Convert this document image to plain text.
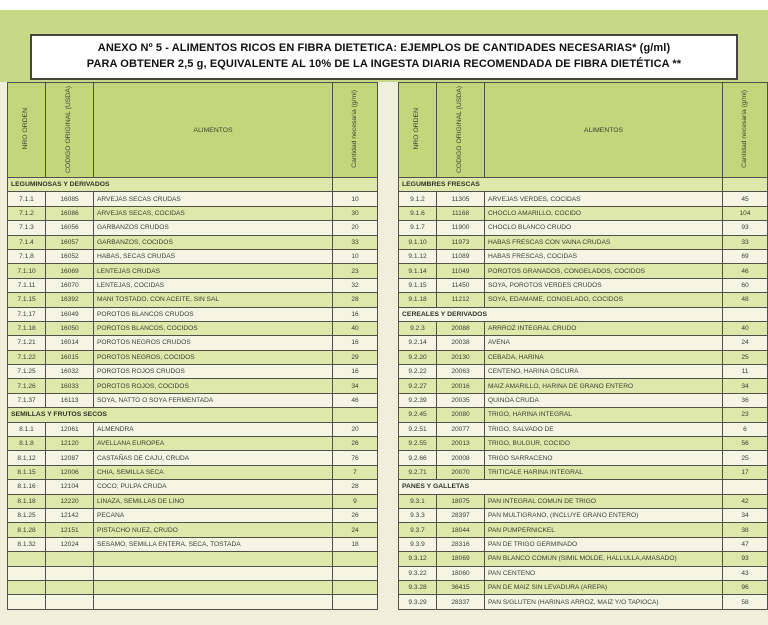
ANEXO Nº 5 - ALIMENTOS RICOS EN FIBRA DIETETICA: EJEMPLOS DE CANTIDADES NECESARIAS* (g/ml)
PARA OBTENER 2,5 g, EQUIVALENTE AL 10% DE LA INGESTA DIARIA RECOMENDADA DE FIBRA DIETÉTICA **
NRO ORDEN	CODIGO ORIGINAL (USDA)	ALIMENTOS	Cantidad necesaria (g/ml)
LEGUMINOSAS Y DERIVADOS			
7.1.1	16085	ARVEJAS SECAS CRUDAS	10
7.1.2	16086	ARVEJAS SECAS, COCIDAS	30
7.1.3	16056	GARBANZOS CRUDOS	20
7.1.4	16057	GARBANZOS, COCIDOS	33
7.1.8	16052	HABAS, SECAS CRUDAS	10
7.1.10	16069	LENTEJAS CRUDAS	23
7.1.11	16070	LENTEJAS, COCIDAS	32
7.1.15	16392	MANI TOSTADO, CON ACEITE, SIN SAL	28
7.1.17	16049	POROTOS BLANCOS CRUDOS	16
7.1.18	16050	POROTOS BLANCOS, COCIDOS	40
7.1.21	16014	POROTOS NEGROS CRUDOS	16
7.1.22	16015	POROTOS NEGROS, COCIDOS	29
7.1.25	16032	POROTOS ROJOS CRUDOS	16
7.1.26	16033	POROTOS ROJOS, COCIDOS	34
7.1.37	16113	SOYA, NATTO O SOYA FERMENTADA	46
SEMILLAS Y FRUTOS SECOS			
8.1.1	12061	ALMENDRA	20
8.1.8	12120	AVELLANA EUROPEA	26
8.1.12	12087	CASTAÑAS DE CAJU, CRUDA	76
8.1.15	12006	CHIA, SEMILLA SECA	7
8.1.16	12104	COCO, PULPA CRUDA	28
8.1.18	12220	LINAZA, SEMILLAS DE LINO	9
8.1.25	12142	PECANA	26
8.1.28	12151	PISTACHO NUEZ, CRUDO	24
8.1.32	12024	SESAMO, SEMILLA ENTERA, SECA, TOSTADA	18

NRO ORDEN	CODIGO ORIGINAL (USDA)	ALIMENTOS	Cantidad necesaria (g/ml)
LEGUMBRES FRESCAS			
9.1.2	11305	ARVEJAS VERDES, COCIDAS	45
9.1.6	11168	CHOCLO AMARILLO, COCIDO	104
9.1.7	11900	CHOCLO BLANCO CRUDO	93
9.1.10	11973	HABAS FRESCAS CON VAINA CRUDAS	33
9.1.12	11089	HABAS FRESCAS, COCIDAS	69
9.1.14	11049	POROTOS GRANADOS, CONGELADOS, COCIDOS	46
9.1.15	11450	SOYA, POROTOS VERDES CRUDOS	60
9.1.18	11212	SOYA, EDAMAME, CONGELADO, COCIDOS	48
CEREALES Y DERIVADOS			
9.2.3	20088	ARRROZ INTEGRAL CRUDO	40
9.2.14	20038	AVENA	24
9.2.20	20130	CEBADA, HARINA	25
9.2.22	20063	CENTENO, HARINA OSCURA	11
9.2.27	20016	MAIZ AMARILLO, HARINA DE GRANO ENTERO	34
9.2.39	20035	QUINOA CRUDA	36
9.2.45	20080	TRIGO, HARINA INTEGRAL	23
9.2.51	20077	TRIGO, SALVADO DE	6
9.2.55	20013	TRIGO, BULGUR, COCIDO	56
9.2.66	20008	TRIGO SARRACENO	25
9.2.71	20070	TRITICALE HARINA INTEGRAL	17
PANES Y GALLETAS			
9.3.1	18075	PAN INTEGRAL COMUN DE TRIGO	42
9.3.3	28397	PAN MULTIGRANO, (INCLUYE GRANO ENTERO)	34
9.3.7	18044	PAN PUMPERNICKEL	38
9.3.9	28316	PAN DE TRIGO GERMINADO	47
9.3.12	18069	PAN BLANCO COMUN (SIMIL MOLDE, HALLULLA,AMASADO)	93
9.3.22	18060	PAN CENTENO	43
9.3.28	36415	PAN DE MAIZ SIN LEVADURA (AREPA)	96
9.3.29	28337	PAN S/GLUTEN (HARINAS ARROZ, MAIZ Y/O TAPIOCA)	58
